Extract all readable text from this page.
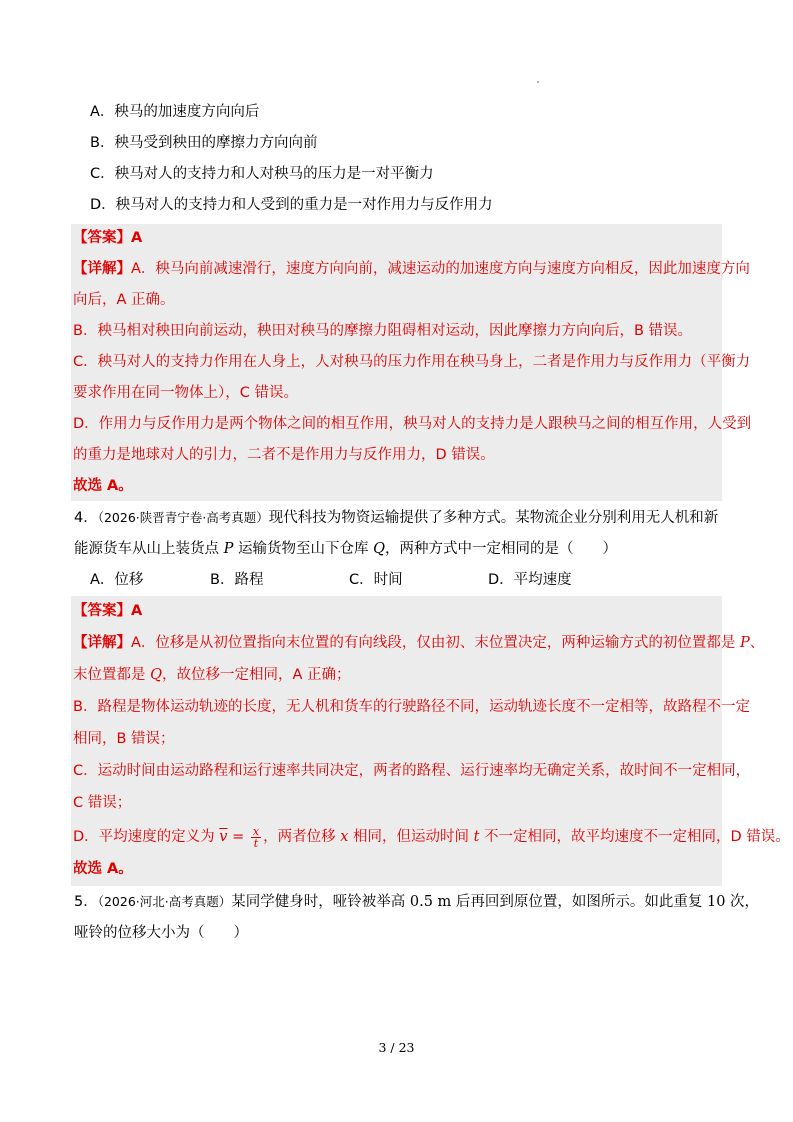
A．秧马的加速度方向向后
B．秧马受到秧田的摩擦力方向向前
C．秧马对人的支持力和人对秧马的压力是一对平衡力
D．秧马对人的支持力和人受到的重力是一对作用力与反作用力
【答案】A
【详解】A．秧马向前减速滑行，速度方向向前，减速运动的加速度方向与速度方向相反，因此加速度方向
向后，A 正确。
B．秧马相对秧田向前运动，秧田对秧马的摩擦力阻碍相对运动，因此摩擦力方向向后，B 错误。
C．秧马对人的支持力作用在人身上，人对秧马的压力作用在秧马身上，二者是作用力与反作用力（平衡力
要求作用在同一物体上），C 错误。
D．作用力与反作用力是两个物体之间的相互作用，秧马对人的支持力是人跟秧马之间的相互作用，人受到
的重力是地球对人的引力，二者不是作用力与反作用力，D 错误。
故选 A。
4．（2026·陕晋青宁卷·高考真题）现代科技为物资运输提供了多种方式。某物流企业分别利用无人机和新
能源货车从山上装货点 P 运输货物至山下仓库 Q，两种方式中一定相同的是（　　）
A．位移	B．路程	C．时间	D．平均速度
【答案】A
【详解】A．位移是从初位置指向末位置的有向线段，仅由初、末位置决定，两种运输方式的初位置都是 P、
末位置都是 Q，故位移一定相同，A 正确；
B．路程是物体运动轨迹的长度，无人机和货车的行驶路径不同，运动轨迹长度不一定相等，故路程不一定
相同，B 错误；
C．运动时间由运动路程和运行速率共同决定，两者的路程、运行速率均无确定关系，故时间不一定相同，
C 错误；
D．平均速度的定义为 $\overline{v} = \frac{x}{t}$ ，两者位移 x 相同，但运动时间 t 不一定相同，故平均速度不一定相同，D 错误。
故选 A。
5．（2026·河北·高考真题）某同学健身时，哑铃被举高 0.5 m 后再回到原位置，如图所示。如此重复 10 次，
哑铃的位移大小为（　　）
3 / 23
